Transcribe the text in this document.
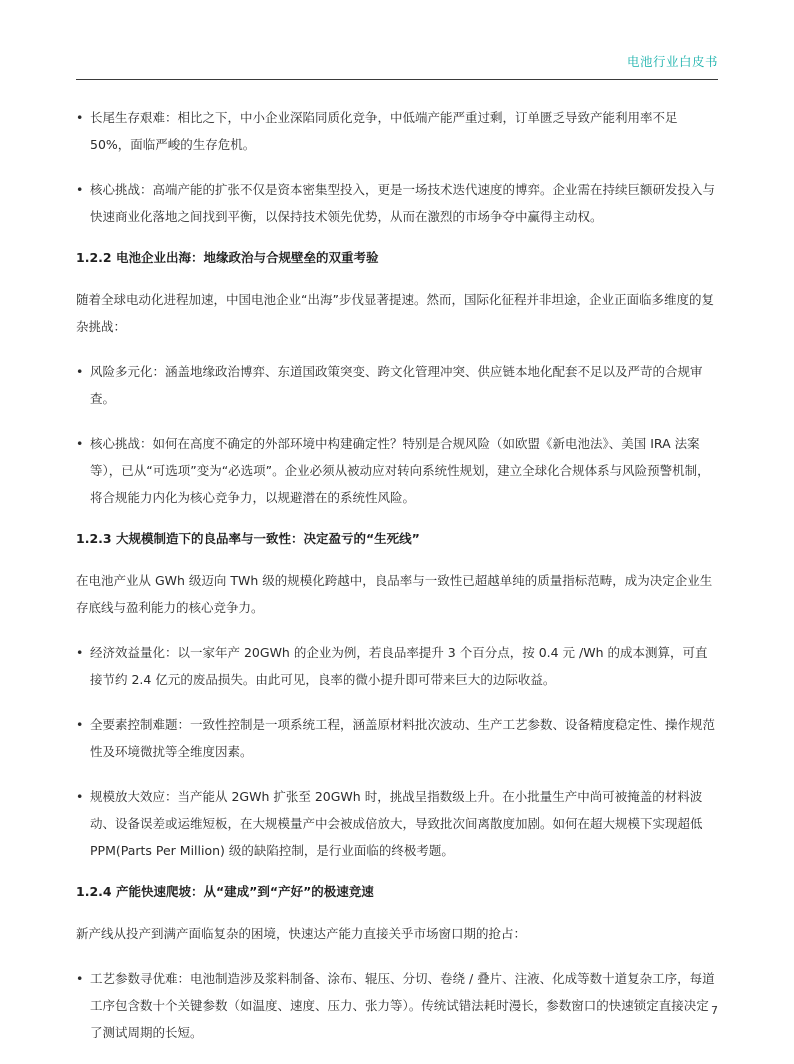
电池行业白皮书
• 长尾生存艰难：相比之下，中小企业深陷同质化竞争，中低端产能严重过剩，订单匮乏导致产能利用率不足 50%，面临严峻的生存危机。
• 核心挑战：高端产能的扩张不仅是资本密集型投入，更是一场技术迭代速度的博弈。企业需在持续巨额研发投入与快速商业化落地之间找到平衡，以保持技术领先优势，从而在激烈的市场争夺中赢得主动权。
1.2.2 电池企业出海：地缘政治与合规壁垒的双重考验
随着全球电动化进程加速，中国电池企业“出海”步伐显著提速。然而，国际化征程并非坦途，企业正面临多维度的复杂挑战：
• 风险多元化：涵盖地缘政治博弈、东道国政策突变、跨文化管理冲突、供应链本地化配套不足以及严苛的合规审查。
• 核心挑战：如何在高度不确定的外部环境中构建确定性？特别是合规风险（如欧盟《新电池法》、美国 IRA 法案等），已从“可选项”变为“必选项”。企业必须从被动应对转向系统性规划，建立全球化合规体系与风险预警机制，将合规能力内化为核心竞争力，以规避潜在的系统性风险。
1.2.3 大规模制造下的良品率与一致性：决定盈亏的“生死线”
在电池产业从 GWh 级迈向 TWh 级的规模化跨越中，良品率与一致性已超越单纯的质量指标范畴，成为决定企业生存底线与盈利能力的核心竞争力。
• 经济效益量化：以一家年产 20GWh 的企业为例，若良品率提升 3 个百分点，按 0.4 元 /Wh 的成本测算，可直接节约 2.4 亿元的废品损失。由此可见，良率的微小提升即可带来巨大的边际收益。
• 全要素控制难题：一致性控制是一项系统工程，涵盖原材料批次波动、生产工艺参数、设备精度稳定性、操作规范性及环境微扰等全维度因素。
• 规模放大效应：当产能从 2GWh 扩张至 20GWh 时，挑战呈指数级上升。在小批量生产中尚可被掩盖的材料波动、设备误差或运维短板，在大规模量产中会被成倍放大，导致批次间离散度加剧。如何在超大规模下实现超低 PPM(Parts Per Million) 级的缺陷控制，是行业面临的终极考题。
1.2.4 产能快速爬坡：从“建成”到“产好”的极速竞速
新产线从投产到满产面临复杂的困境，快速达产能力直接关乎市场窗口期的抢占：
• 工艺参数寻优难：电池制造涉及浆料制备、涂布、辊压、分切、卷绕 / 叠片、注液、化成等数十道复杂工序，每道工序包含数十个关键参数（如温度、速度、压力、张力等）。传统试错法耗时漫长，参数窗口的快速锁定直接决定了测试周期的长短。
7
